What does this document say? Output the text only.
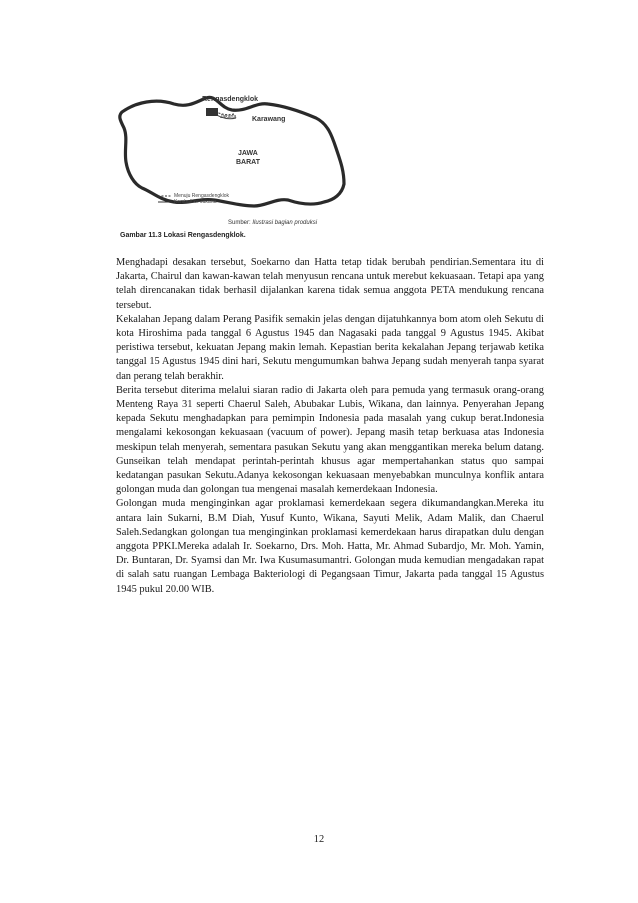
Rengasdengklok
Karawang
Jakarta
JAWA
BARAT
Menuju Rengasdengklok
Kembali ke Jakarta
Sumber: Ilustrasi bagian produksi
Gambar 11.3 Lokasi Rengasdengklok.

Menghadapi desakan tersebut, Soekarno dan Hatta tetap tidak berubah pendirian.Sementara itu di Jakarta, Chairul dan kawan-kawan telah menyusun rencana untuk merebut kekuasaan. Tetapi apa yang telah direncanakan tidak berhasil dijalankan karena tidak semua anggota PETA mendukung rencana tersebut.

Kekalahan Jepang dalam Perang Pasifik semakin jelas dengan dijatuhkannya bom atom oleh Sekutu di kota Hiroshima pada tanggal 6 Agustus 1945 dan Nagasaki pada tanggal 9 Agustus 1945. Akibat peristiwa tersebut, kekuatan Jepang makin lemah. Kepastian berita kekalahan Jepang terjawab ketika tanggal 15 Agustus 1945 dini hari, Sekutu mengumumkan bahwa Jepang sudah menyerah tanpa syarat dan perang telah berakhir.

Berita tersebut diterima melalui siaran radio di Jakarta oleh para pemuda yang termasuk orang-orang Menteng Raya 31 seperti Chaerul Saleh, Abubakar Lubis, Wikana, dan lainnya. Penyerahan Jepang kepada Sekutu menghadapkan para pemimpin Indonesia pada masalah yang cukup berat.Indonesia mengalami kekosongan kekuasaan (vacuum of power). Jepang masih tetap berkuasa atas Indonesia meskipun telah menyerah, sementara pasukan Sekutu yang akan menggantikan mereka belum datang. Gunseikan telah mendapat perintah-perintah khusus agar mempertahankan status quo sampai kedatangan pasukan Sekutu.Adanya kekosongan kekuasaan menyebabkan munculnya konflik antara golongan muda dan golongan tua mengenai masalah kemerdekaan Indonesia.

Golongan muda menginginkan agar proklamasi kemerdekaan segera dikumandangkan.Mereka itu antara lain Sukarni, B.M Diah, Yusuf Kunto, Wikana, Sayuti Melik, Adam Malik, dan Chaerul Saleh.Sedangkan golongan tua menginginkan proklamasi kemerdekaan harus dirapatkan dulu dengan anggota PPKI.Mereka adalah Ir. Soekarno, Drs. Moh. Hatta, Mr. Ahmad Subardjo, Mr. Moh. Yamin, Dr. Buntaran, Dr. Syamsi dan Mr. Iwa Kusumasumantri. Golongan muda kemudian mengadakan rapat di salah satu ruangan Lembaga Bakteriologi di Pegangsaan Timur, Jakarta pada tanggal 15 Agustus 1945 pukul 20.00 WIB.

12
